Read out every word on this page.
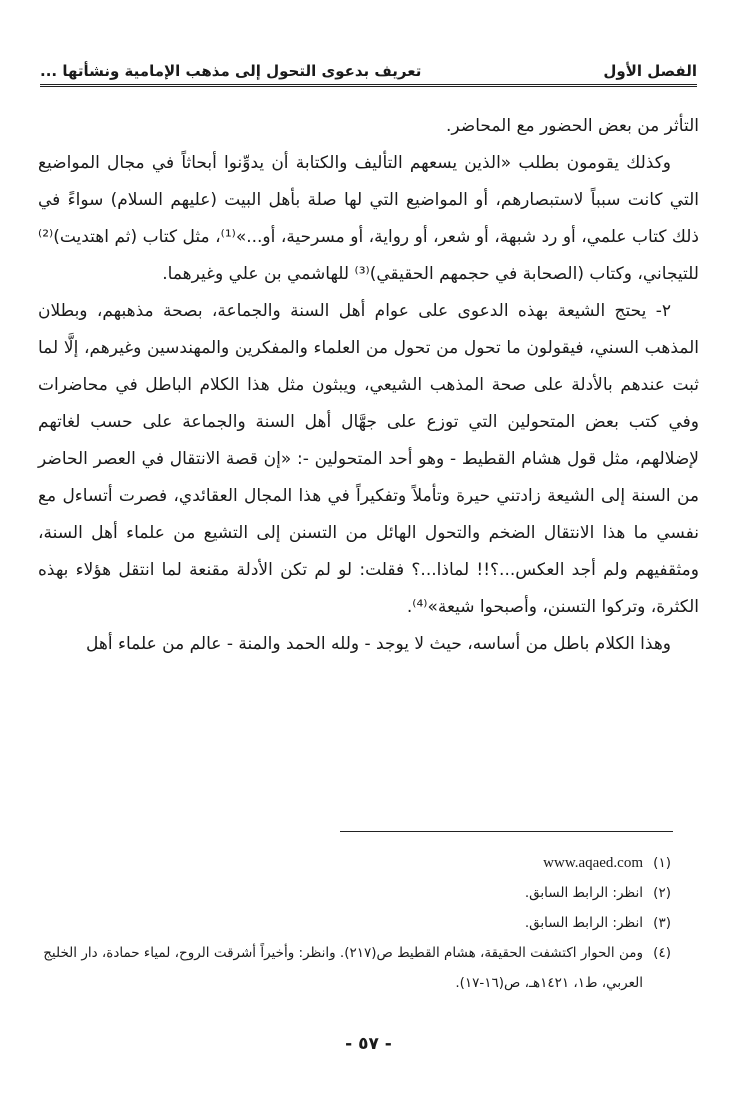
الفصل الأول
تعريف بدعوى التحول إلى مذهب الإمامية ونشأتها ...

التأثر من بعض الحضور مع المحاضر.

وكذلك يقومون بطلب «الذين يسعهم التأليف والكتابة أن يدوِّنوا أبحاثاً في مجال المواضيع التي كانت سبباً لاستبصارهم، أو المواضيع التي لها صلة بأهل البيت (عليهم السلام) سواءً في ذلك كتاب علمي، أو رد شبهة، أو شعر، أو رواية، أو مسرحية، أو...»⁽¹⁾، مثل كتاب (ثم اهتديت)⁽²⁾ للتيجاني، وكتاب (الصحابة في حجمهم الحقيقي)⁽³⁾ للهاشمي بن علي وغيرهما.

٢- يحتج الشيعة بهذه الدعوى على عوام أهل السنة والجماعة، بصحة مذهبهم، وبطلان المذهب السني، فيقولون ما تحول من تحول من العلماء والمفكرين والمهندسين وغيرهم، إلَّا لما ثبت عندهم بالأدلة على صحة المذهب الشيعي، ويبثون مثل هذا الكلام الباطل في محاضرات وفي كتب بعض المتحولين التي توزع على جهَّال أهل السنة والجماعة على حسب لغاتهم لإضلالهم، مثل قول هشام القطيط - وهو أحد المتحولين -: «إن قصة الانتقال في العصر الحاضر من السنة إلى الشيعة زادتني حيرة وتأملاً وتفكيراً في هذا المجال العقائدي، فصرت أتساءل مع نفسي ما هذا الانتقال الضخم والتحول الهائل من التسنن إلى التشيع من علماء أهل السنة، ومثقفيهم ولم أجد العكس...؟!! لماذا...؟ فقلت: لو لم تكن الأدلة مقنعة لما انتقل هؤلاء بهذه الكثرة، وتركوا التسنن، وأصبحوا شيعة»⁽⁴⁾.

وهذا الكلام باطل من أساسه، حيث لا يوجد - ولله الحمد والمنة - عالم من علماء أهل

(١)
www.aqaed.com
(٢)
انظر: الرابط السابق.
(٣)
انظر: الرابط السابق.
(٤)
ومن الحوار اكتشفت الحقيقة، هشام القطيط ص(٢١٧). وانظر: وأخيراً أشرقت الروح، لمياء حمادة، دار الخليج العربي، ط١، ١٤٢١هـ، ص(١٦-١٧).
- ٥٧ -
